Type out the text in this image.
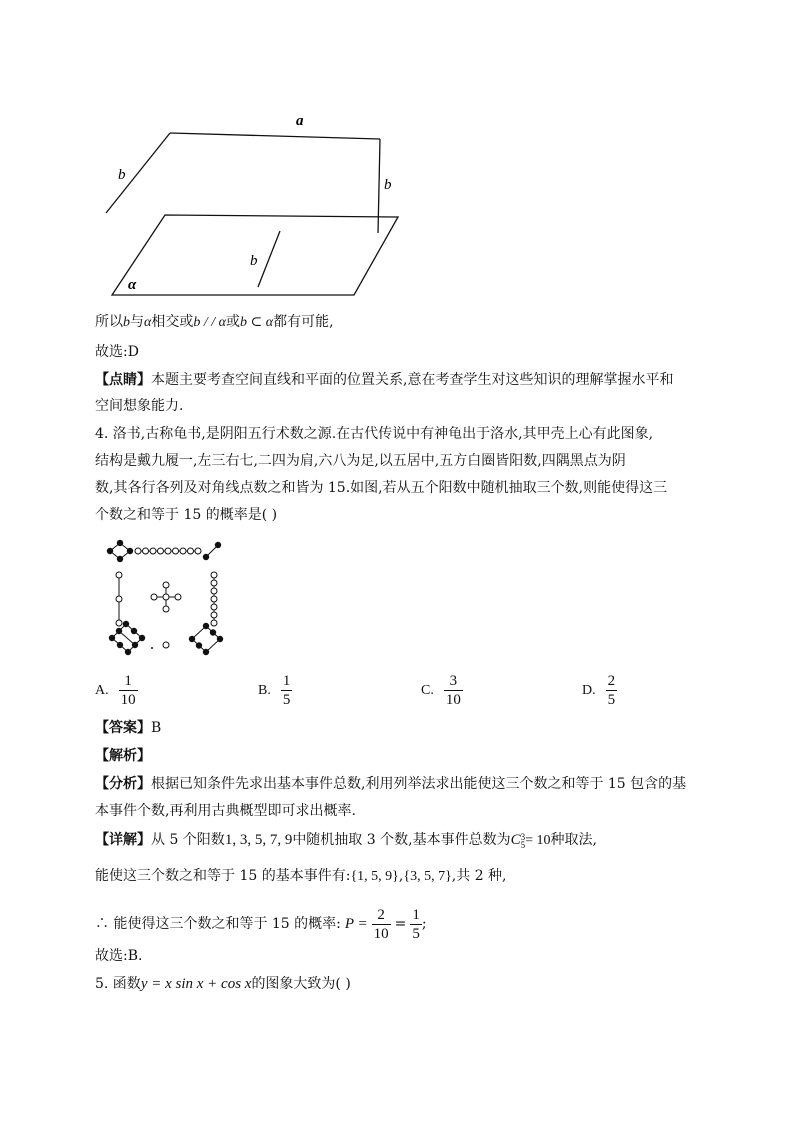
a
b
b
b
α
所以b与α相交或b / / α或b ⊂ α都有可能,
故选:D
【点睛】本题主要考查空间直线和平面的位置关系,意在考查学生对这些知识的理解掌握水平和
空间想象能力.
4. 洛书,古称龟书,是阴阳五行术数之源.在古代传说中有神龟出于洛水,其甲壳上心有此图象,
结构是戴九履一,左三右七,二四为肩,六八为足,以五居中,五方白圈皆阳数,四隅黑点为阴
数,其各行各列及对角线点数之和皆为 15.如图,若从五个阳数中随机抽取三个数,则能使得这三
个数之和等于 15 的概率是( )
A. $\frac{1}{10}$	B. $\frac{1}{5}$	C. $\frac{3}{10}$	D. $\frac{2}{5}$
【答案】B
【解析】
【分析】根据已知条件先求出基本事件总数,利用列举法求出能使这三个数之和等于 15 包含的基
本事件个数,再利用古典概型即可求出概率.
【详解】从 5 个阳数1, 3, 5, 7, 9中随机抽取 3 个数,基本事件总数为C 3
5 = 10种取法,
能使这三个数之和等于 15 的基本事件有:{1, 5, 9},{3, 5, 7},共 2 种,
∴ 能使得这三个数之和等于 15 的概率: $P = \frac{2}{10} = \frac{1}{5}$ ;
故选:B.
5. 函数y = x sin x + cos x的图象大致为( )
